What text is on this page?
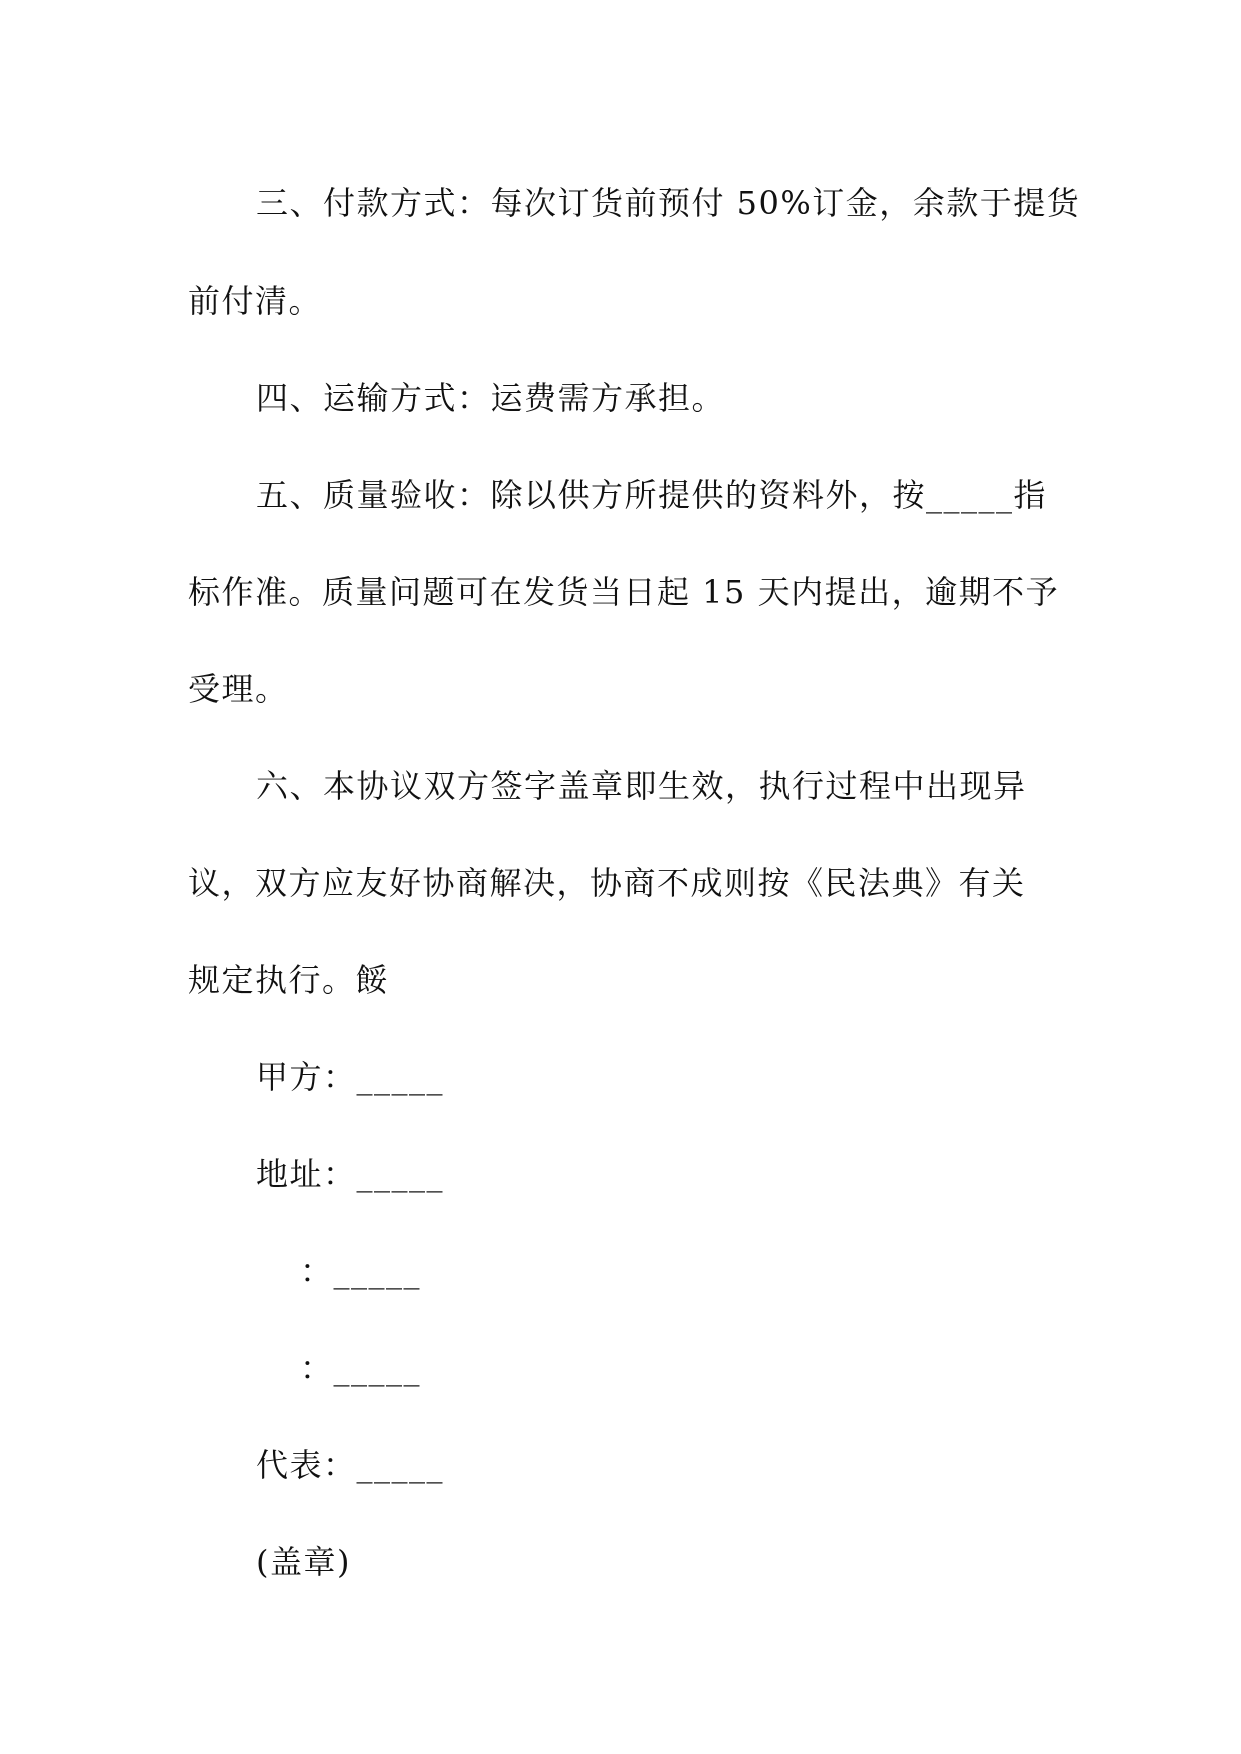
三、付款方式：每次订货前预付 50%订金，余款于提货
前付清。
四、运输方式：运费需方承担。
五、质量验收：除以供方所提供的资料外，按_____指
标作准。质量问题可在发货当日起 15 天内提出，逾期不予
受理。
六、本协议双方签字盖章即生效，执行过程中出现异
议，双方应友好协商解决，协商不成则按《民法典》有关
规定执行。餒
甲方：_____
地址：_____
：_____
：_____
代表：_____
(盖章)
